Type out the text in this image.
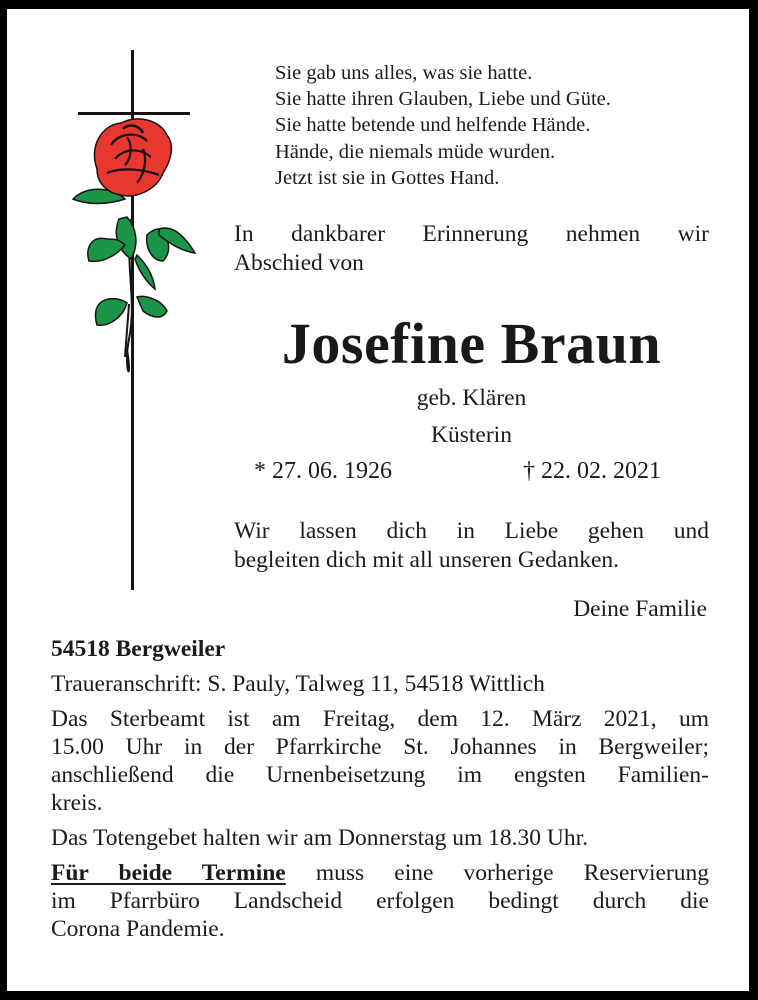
Sie gab uns alles, was sie hatte.
Sie hatte ihren Glauben, Liebe und Güte.
Sie hatte betende und helfende Hände.
Hände, die niemals müde wurden.
Jetzt ist sie in Gottes Hand.
In dankbarer Erinnerung nehmen wir
Abschied von
Josefine Braun
geb. Klären
Küsterin
* 27. 06. 1926	† 22. 02. 2021
Wir lassen dich in Liebe gehen und
begleiten dich mit all unseren Gedanken.
Deine Familie

54518 Bergweiler

Traueranschrift: S. Pauly, Talweg 11, 54518 Wittlich

Das Sterbeamt ist am Freitag, dem 12. März 2021, um
15.00 Uhr in der Pfarrkirche St. Johannes in Bergweiler;
anschließend die Urnenbeisetzung im engsten Familien-
kreis.

Das Totengebet halten wir am Donnerstag um 18.30 Uhr.

Für beide Termine muss eine vorherige Reservierung
im Pfarrbüro Landscheid erfolgen bedingt durch die
Corona Pandemie.
